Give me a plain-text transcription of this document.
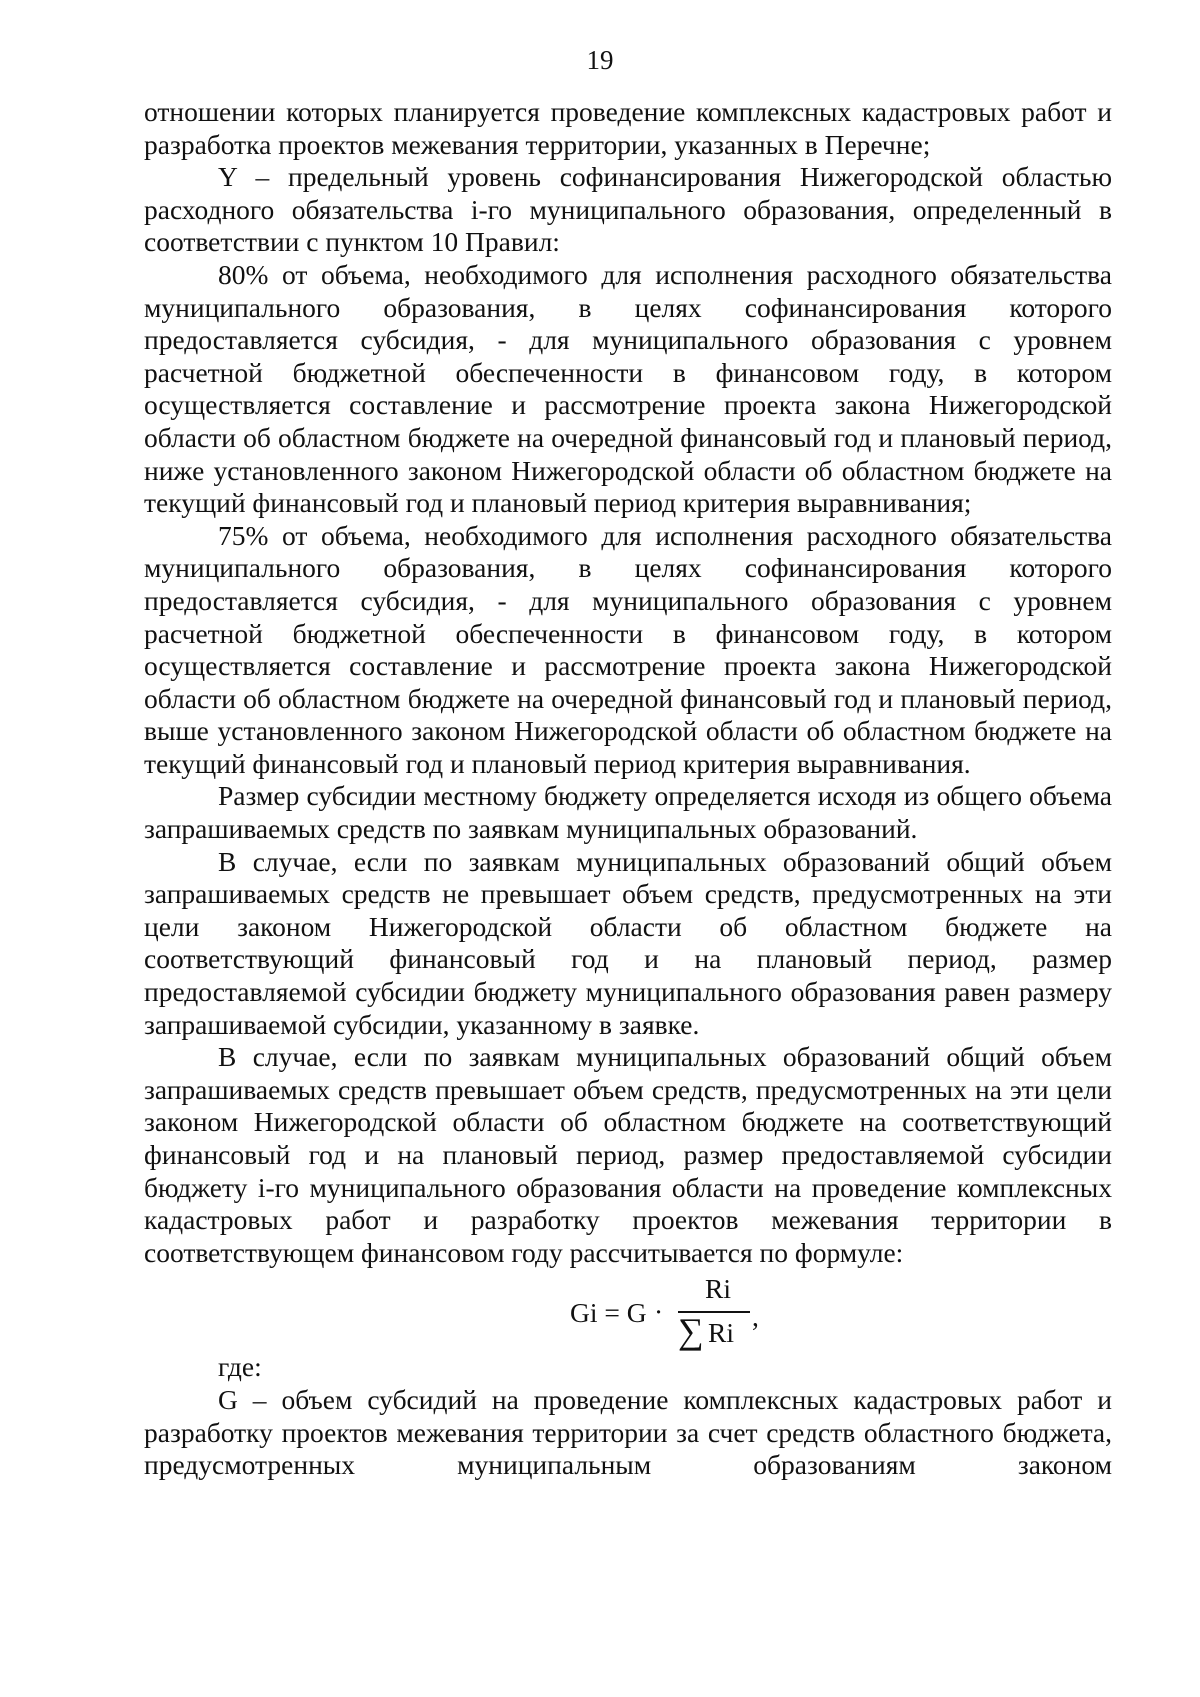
19

отношении которых планируется проведение комплексных кадастровых работ и разработка проектов межевания территории, указанных в Перечне;

Y – предельный уровень софинансирования Нижегородской областью расходного обязательства i-го муниципального образования, определенный в соответствии с пунктом 10 Правил:

80% от объема, необходимого для исполнения расходного обязательства муниципального образования, в целях софинансирования которого предоставляется субсидия, - для муниципального образования с уровнем расчетной бюджетной обеспеченности в финансовом году, в котором осуществляется составление и рассмотрение проекта закона Нижегородской области об областном бюджете на очередной финансовый год и плановый период, ниже установленного законом Нижегородской области об областном бюджете на текущий финансовый год и плановый период критерия выравнивания;

75% от объема, необходимого для исполнения расходного обязательства муниципального образования, в целях софинансирования которого предоставляется субсидия, - для муниципального образования с уровнем расчетной бюджетной обеспеченности в финансовом году, в котором осуществляется составление и рассмотрение проекта закона Нижегородской области об областном бюджете на очередной финансовый год и плановый период, выше установленного законом Нижегородской области об областном бюджете на текущий финансовый год и плановый период критерия выравнивания.

Размер субсидии местному бюджету определяется исходя из общего объема запрашиваемых средств по заявкам муниципальных образований.

В случае, если по заявкам муниципальных образований общий объем запрашиваемых средств не превышает объем средств, предусмотренных на эти цели законом Нижегородской области об областном бюджете на соответствующий финансовый год и на плановый период, размер предоставляемой субсидии бюджету муниципального образования равен размеру запрашиваемой субсидии, указанному в заявке.

В случае, если по заявкам муниципальных образований общий объем запрашиваемых средств превышает объем средств, предусмотренных на эти цели законом Нижегородской области об областном бюджете на соответствующий финансовый год и на плановый период, размер предоставляемой субсидии бюджету i-го муниципального образования области на проведение комплексных кадастровых работ и разработку проектов межевания территории в соответствующем финансовом году рассчитывается по формуле:

Gi = G ·
Ri
∑ Ri
,

где:

G – объем субсидий на проведение комплексных кадастровых работ и разработку проектов межевания территории за счет средств областного бюджета, предусмотренных муниципальным образованиям законом
